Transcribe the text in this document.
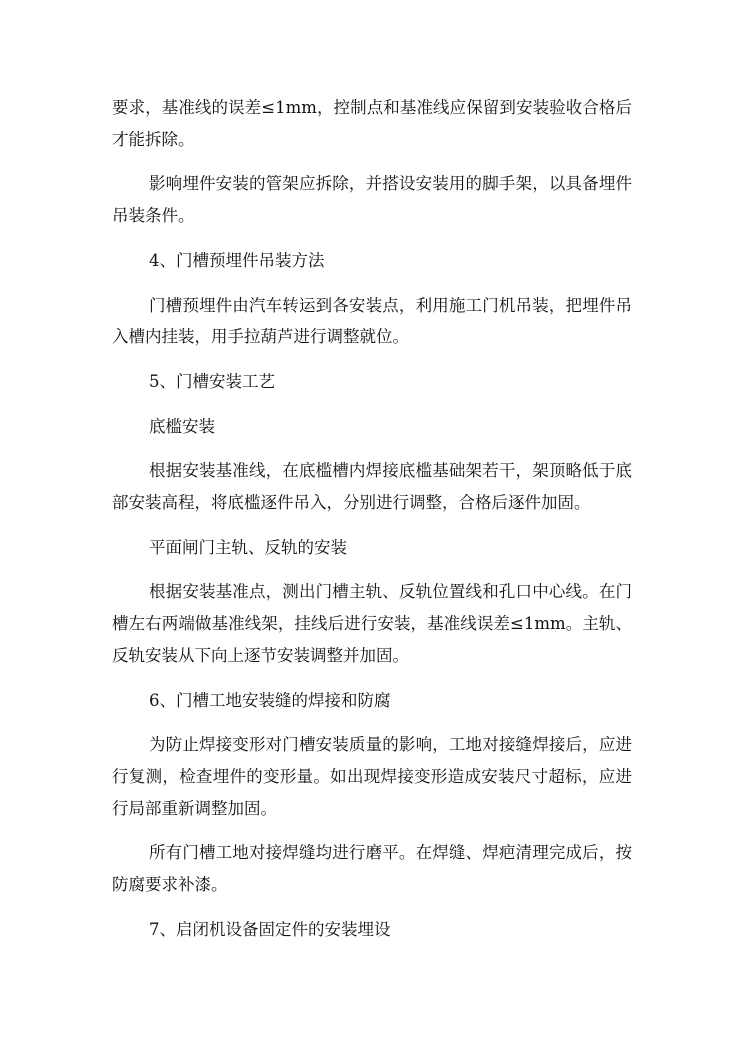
要求，基准线的误差≤1mm，控制点和基准线应保留到安装验收合格后才能拆除。

影响埋件安装的管架应拆除，并搭设安装用的脚手架，以具备埋件吊装条件。

4、门槽预埋件吊装方法

门槽预埋件由汽车转运到各安装点，利用施工门机吊装，把埋件吊入槽内挂装，用手拉葫芦进行调整就位。

5、门槽安装工艺

底槛安装

根据安装基准线，在底槛槽内焊接底槛基础架若干，架顶略低于底部安装高程，将底槛逐件吊入，分别进行调整，合格后逐件加固。

平面闸门主轨、反轨的安装

根据安装基准点，测出门槽主轨、反轨位置线和孔口中心线。在门槽左右两端做基准线架，挂线后进行安装，基准线误差≤1mm。主轨、反轨安装从下向上逐节安装调整并加固。

6、门槽工地安装缝的焊接和防腐

为防止焊接变形对门槽安装质量的影响，工地对接缝焊接后，应进行复测，检查埋件的变形量。如出现焊接变形造成安装尺寸超标，应进行局部重新调整加固。

所有门槽工地对接焊缝均进行磨平。在焊缝、焊疤清理完成后，按防腐要求补漆。

7、启闭机设备固定件的安装埋设
